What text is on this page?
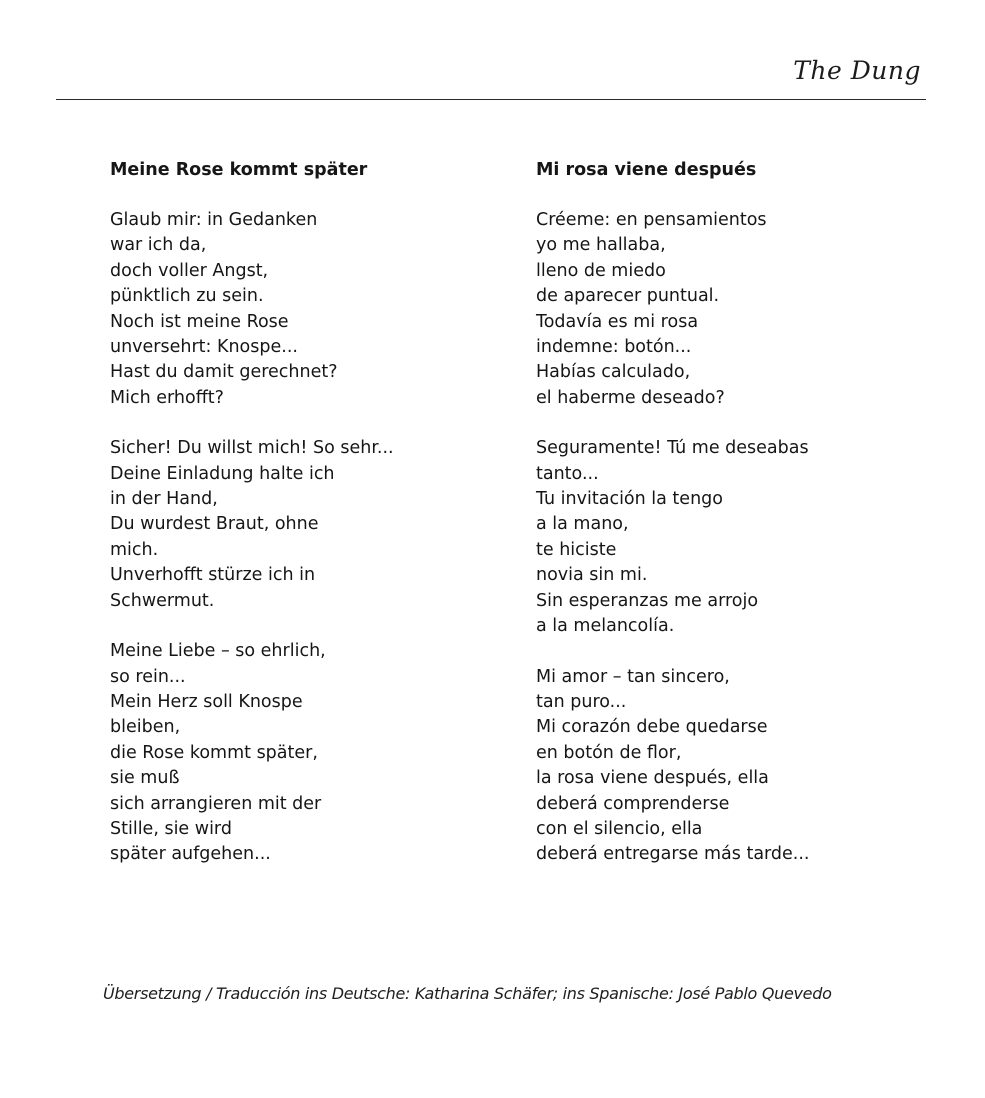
The Dung
Meine Rose kommt später
Glaub mir: in Gedanken
war ich da,
doch voller Angst,
pünktlich zu sein.
Noch ist meine Rose
unversehrt: Knospe...
Hast du damit gerechnet?
Mich erhofft?
Sicher! Du willst mich! So sehr...
Deine Einladung halte ich
in der Hand,
Du wurdest Braut, ohne
mich.
Unverhofft stürze ich in
Schwermut.
Meine Liebe – so ehrlich,
so rein...
Mein Herz soll Knospe
bleiben,
die Rose kommt später,
sie muß
sich arrangieren mit der
Stille, sie wird
später aufgehen...
Mi rosa viene después
Créeme: en pensamientos
yo me hallaba,
lleno de miedo
de aparecer puntual.
Todavía es mi rosa
indemne: botón...
Habías calculado,
el haberme deseado?
Seguramente! Tú me deseabas
tanto...
Tu invitación la tengo
a la mano,
te hiciste
novia sin mi.
Sin esperanzas me arrojo
a la melancolía.
Mi amor – tan sincero,
tan puro...
Mi corazón debe quedarse
en botón de flor,
la rosa viene después, ella
deberá comprenderse
con el silencio, ella
deberá entregarse más tarde...
Übersetzung / Traducción ins Deutsche: Katharina Schäfer; ins Spanische: José Pablo Quevedo
